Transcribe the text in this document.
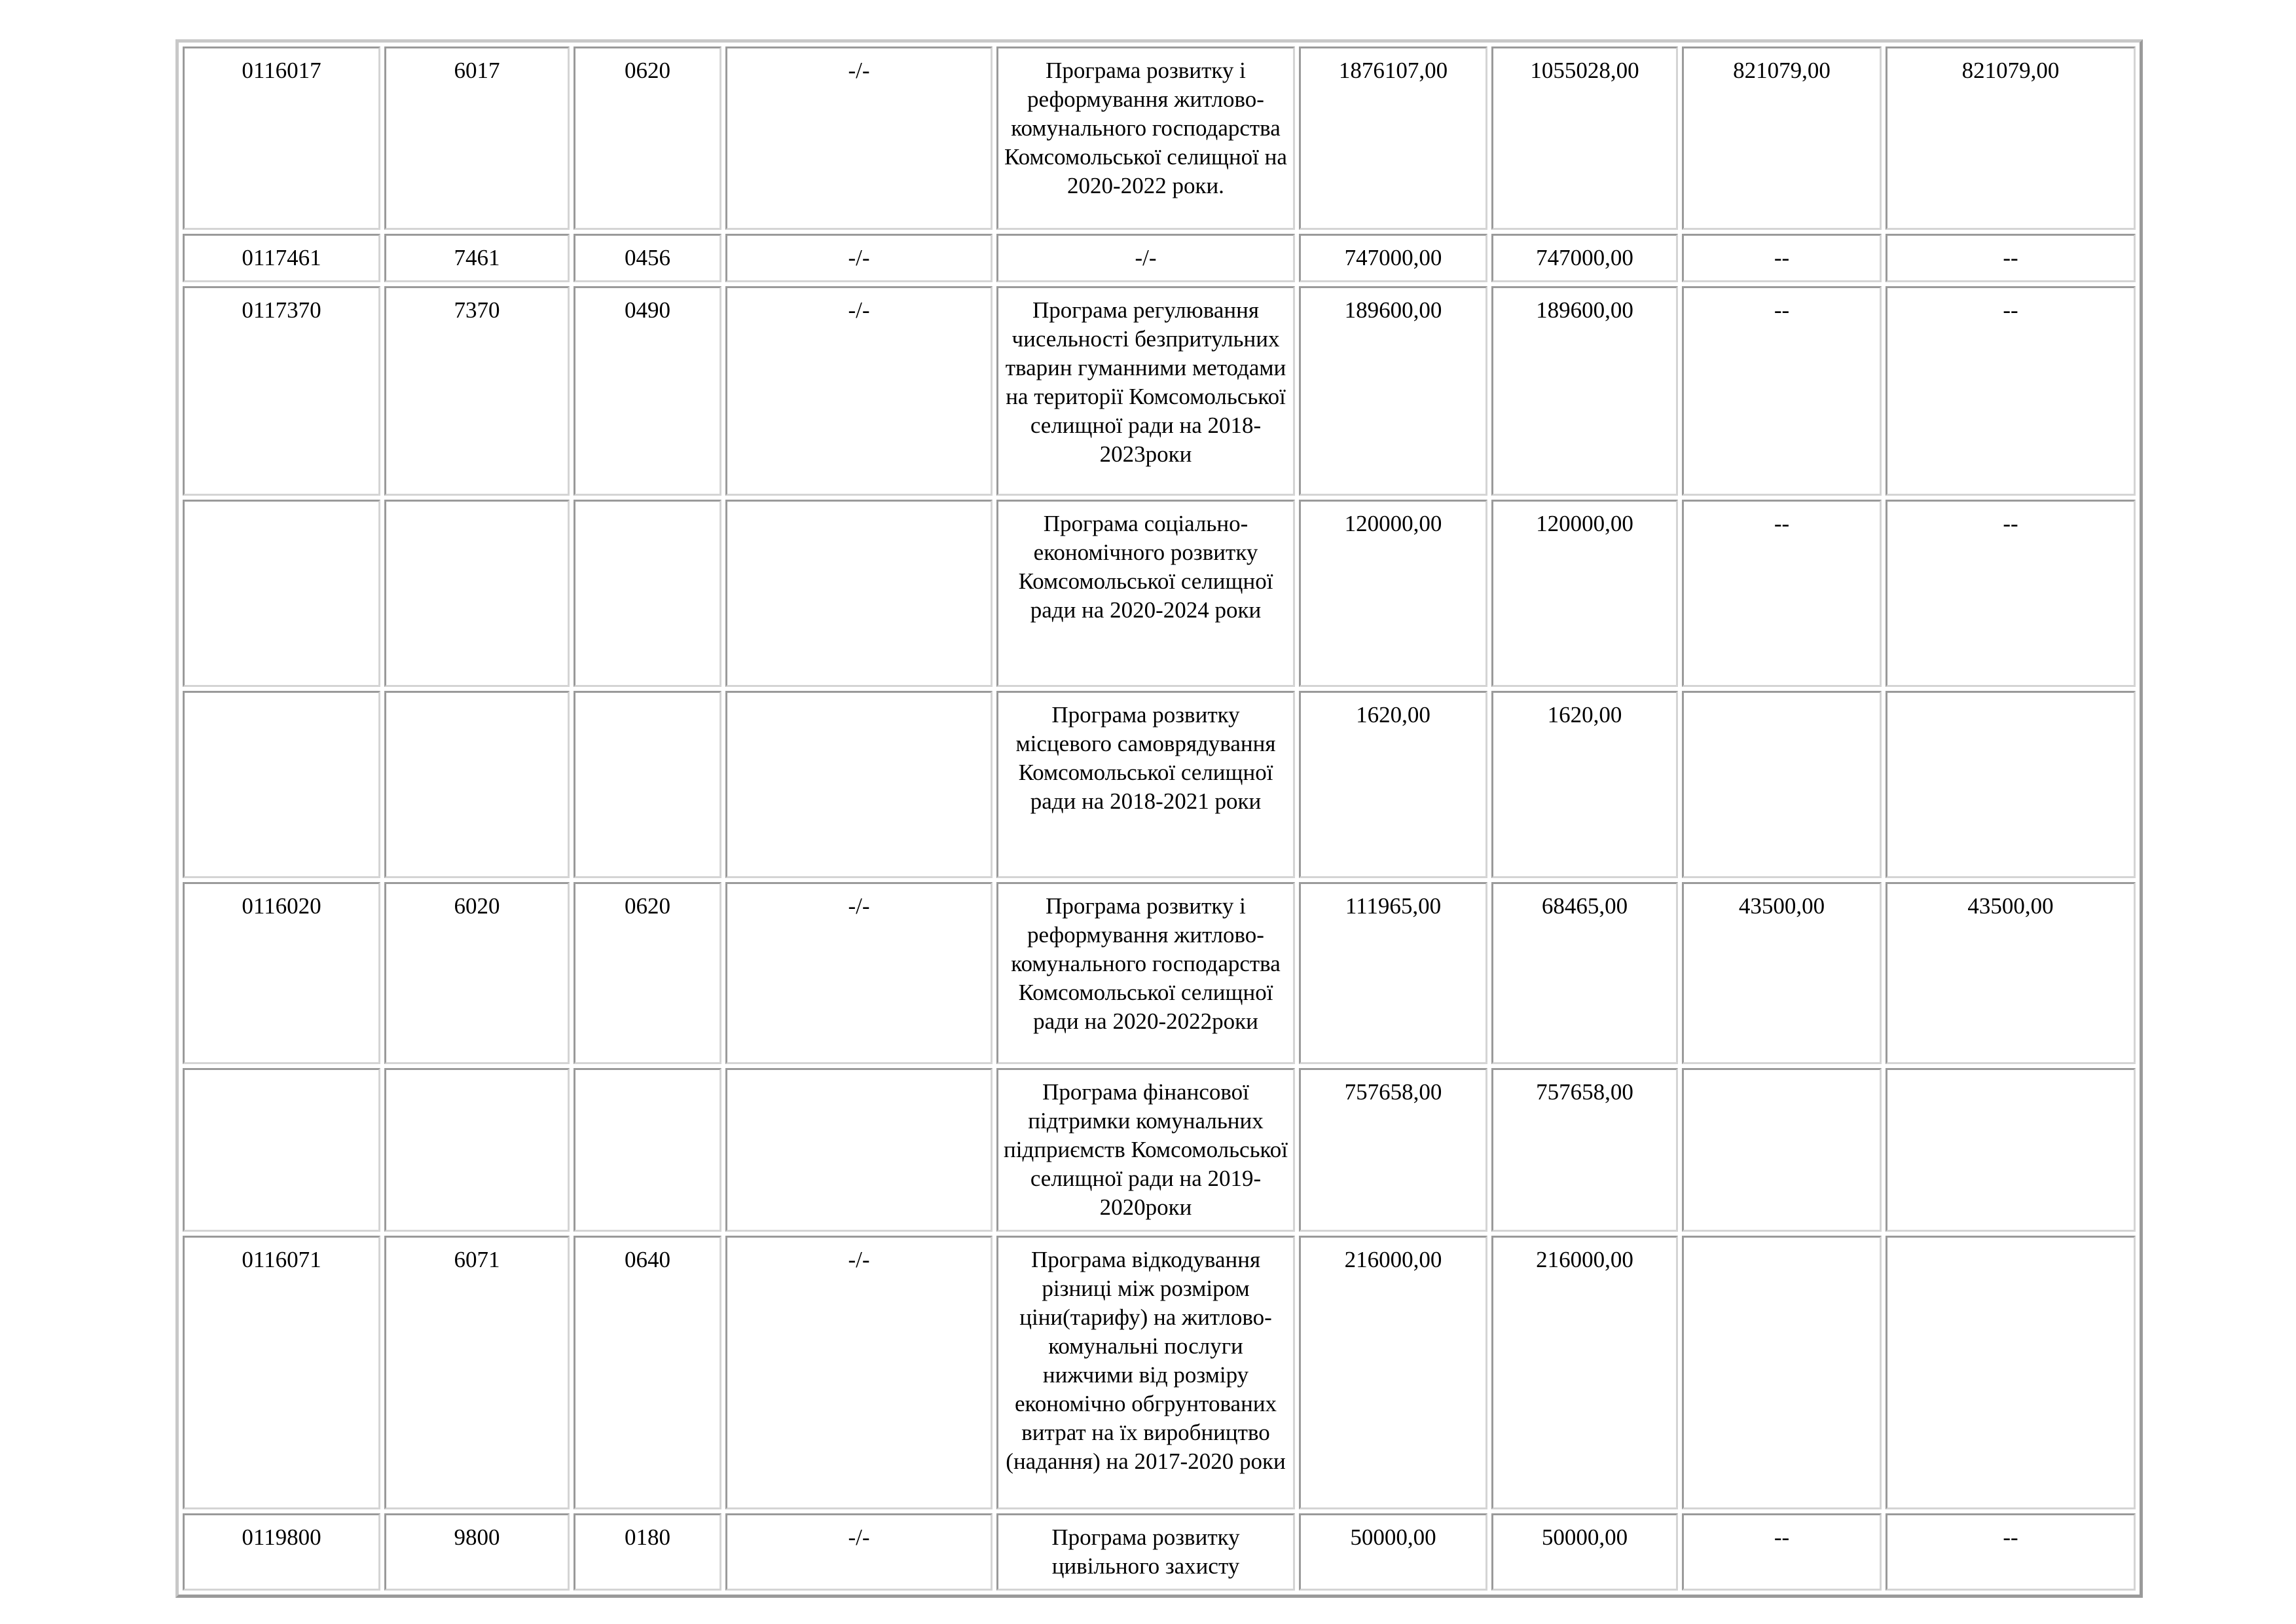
0116017	6017	0620	-/-	Програма розвитку і реформування житлово-комунального господарства Комсомольської селищної на 2020-2022 роки.	1876107,00	1055028,00	821079,00	821079,00
0117461	7461	0456	-/-	-/-	747000,00	747000,00	--	--
0117370	7370	0490	-/-	Програма регулювання чисельності безпритульних тварин гуманними методами на території Комсомольської селищної ради на 2018-2023роки	189600,00	189600,00	--	--
				Програма соціально-економічного розвитку Комсомольської селищної ради на 2020-2024 роки	120000,00	120000,00	--	--
				Програма розвитку місцевого самоврядування Комсомольської селищної ради на 2018-2021 роки	1620,00	1620,00		
0116020	6020	0620	-/-	Програма розвитку і реформування житлово-комунального господарства Комсомольської селищної ради на 2020-2022роки	111965,00	68465,00	43500,00	43500,00
				Програма фінансової підтримки комунальних підприємств Комсомольської селищної ради на 2019-2020роки	757658,00	757658,00		
0116071	6071	0640	-/-	Програма відкодування різниці між розміром ціни(тарифу) на житлово-комунальні послуги нижчими від розміру економічно обгрунтованих витрат на їх виробництво (надання) на 2017-2020 роки	216000,00	216000,00		
0119800	9800	0180	-/-	Програма розвитку цивільного захисту	50000,00	50000,00	--	--
